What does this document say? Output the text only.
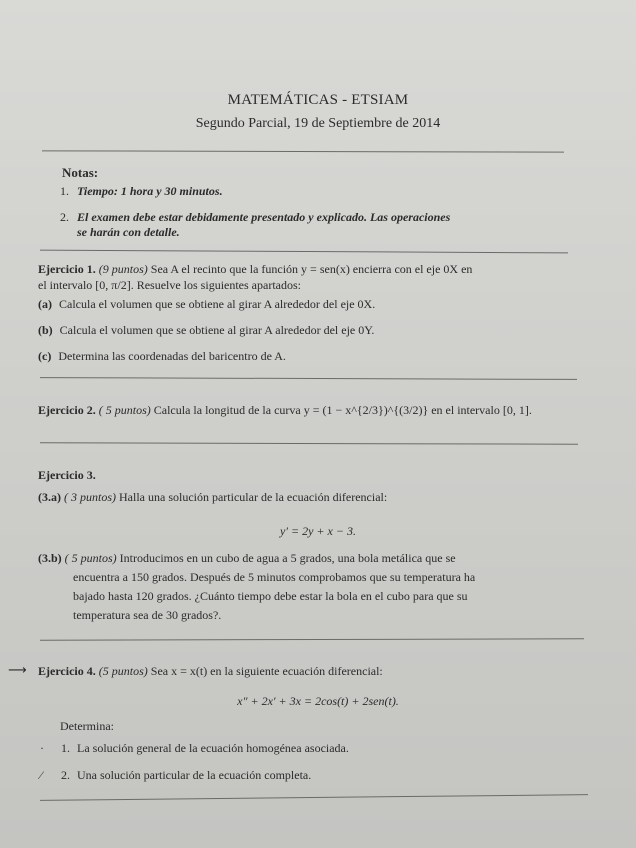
MATEMÁTICAS - ETSIAM
Segundo Parcial, 19 de Septiembre de 2014
Notas:
1. Tiempo: 1 hora y 30 minutos.
2. El examen debe estar debidamente presentado y explicado. Las operaciones
se harán con detalle.
Ejercicio 1. (9 puntos) Sea A el recinto que la función y = sen(x) encierra con el eje 0X en
el intervalo [0, π/2]. Resuelve los siguientes apartados:
(a) Calcula el volumen que se obtiene al girar A alrededor del eje 0X.
(b) Calcula el volumen que se obtiene al girar A alrededor del eje 0Y.
(c) Determina las coordenadas del baricentro de A.
Ejercicio 2. ( 5 puntos) Calcula la longitud de la curva y = (1 − x^{2/3})^{(3/2)} en el intervalo [0, 1].
Ejercicio 3.
(3.a) ( 3 puntos) Halla una solución particular de la ecuación diferencial:
y′ = 2y + x − 3.
(3.b) ( 5 puntos) Introducimos en un cubo de agua a 5 grados, una bola metálica que se
encuentra a 150 grados. Después de 5 minutos comprobamos que su temperatura ha
bajado hasta 120 grados. ¿Cuánto tiempo debe estar la bola en el cubo para que su
temperatura sea de 30 grados?.
⟶ Ejercicio 4. (5 puntos) Sea x = x(t) en la siguiente ecuación diferencial:
x″ + 2x′ + 3x = 2cos(t) + 2sen(t).
Determina:
· 1. La solución general de la ecuación homogénea asociada.
⁄ 2. Una solución particular de la ecuación completa.
